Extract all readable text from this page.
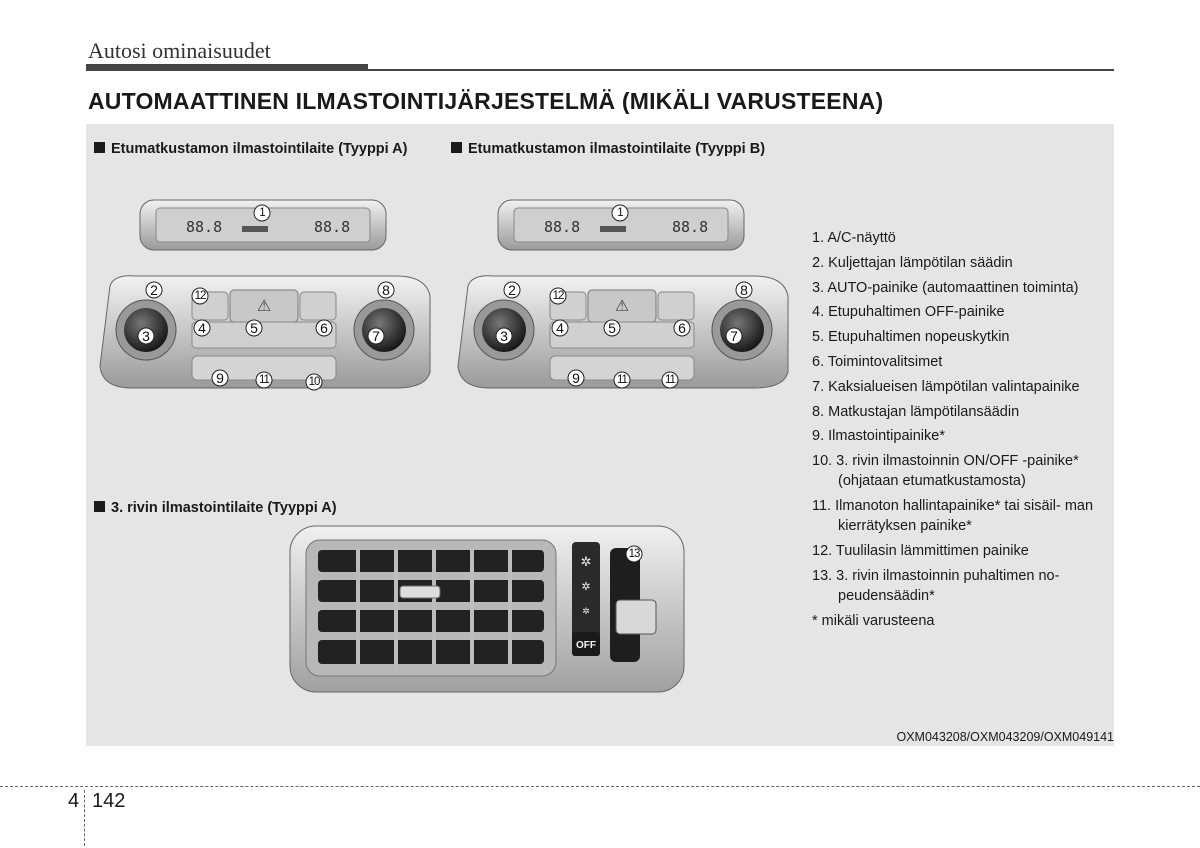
Autosi ominaisuudet
AUTOMAATTINEN ILMASTOINTIJÄRJESTELMÄ (MIKÄLI VARUSTEENA)
Etumatkustamon ilmastointilaite (Tyyppi A)	Etumatkustamon ilmastointilaite (Tyyppi B)
3. rivin ilmastointilaite (Tyyppi A)
88.8	88.8
1
⚠
2
3	4	5	6	7
8
9	10
11
12
88.8	88.8
1
⚠
2
3	4	5	6	7
8
9	11	11
12
✲
✲
✲
OFF
13
1. A/C-näyttö
2. Kuljettajan lämpötilan säädin
3. AUTO-painike (automaattinen toiminta)
4. Etupuhaltimen OFF-painike
5. Etupuhaltimen nopeuskytkin
6. Toimintovalitsimet
7. Kaksialueisen lämpötilan valintapainike
8. Matkustajan lämpötilansäädin
9. Ilmastointipainike*
10. 3. rivin ilmastoinnin ON/OFF -painike* (ohjataan etumatkustamosta)
11. Ilmanoton hallintapainike* tai sisäil- man kierrätyksen painike*
12. Tuulilasin lämmittimen painike
13. 3. rivin ilmastoinnin puhaltimen no- peudensäädin*
* mikäli varusteena
OXM043208/OXM043209/OXM049141
4 142
